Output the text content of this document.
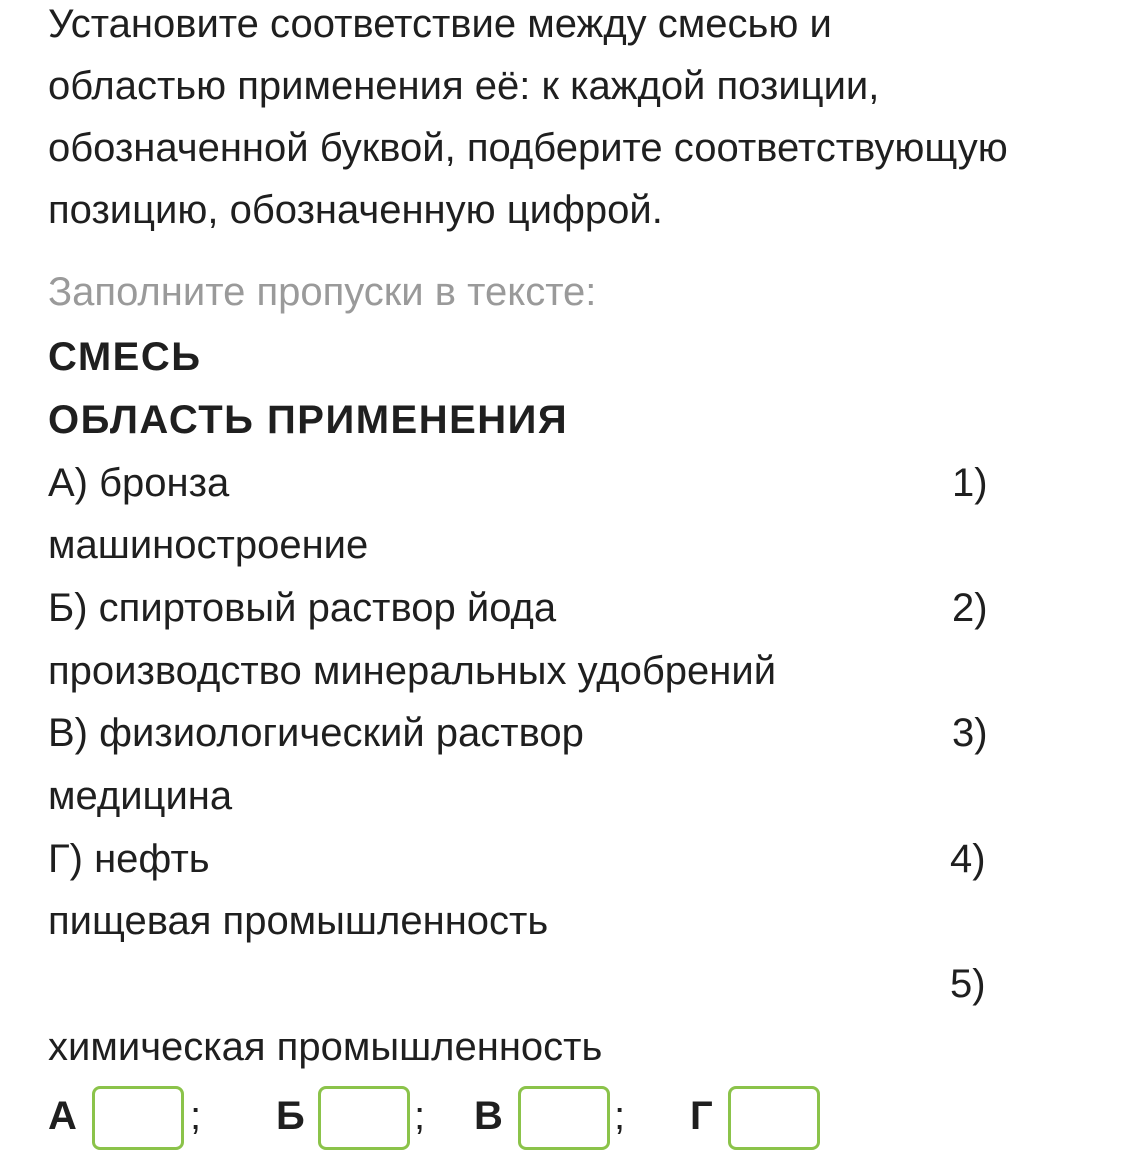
Установите соответствие между смесью и
областью применения её: к каждой позиции,
обозначенной буквой, подберите соответствующую
позицию, обозначенную цифрой.
Заполните пропуски в тексте:
СМЕСЬ
ОБЛАСТЬ ПРИМЕНЕНИЯ
А) бронза	1)
машиностроение
Б) спиртовый раствор йода	2)
производство минеральных удобрений
В) физиологический раствор	3)
медицина
Г) нефть	4)
пищевая промышленность
5)
химическая промышленность
А	; Б	; В	; Г
